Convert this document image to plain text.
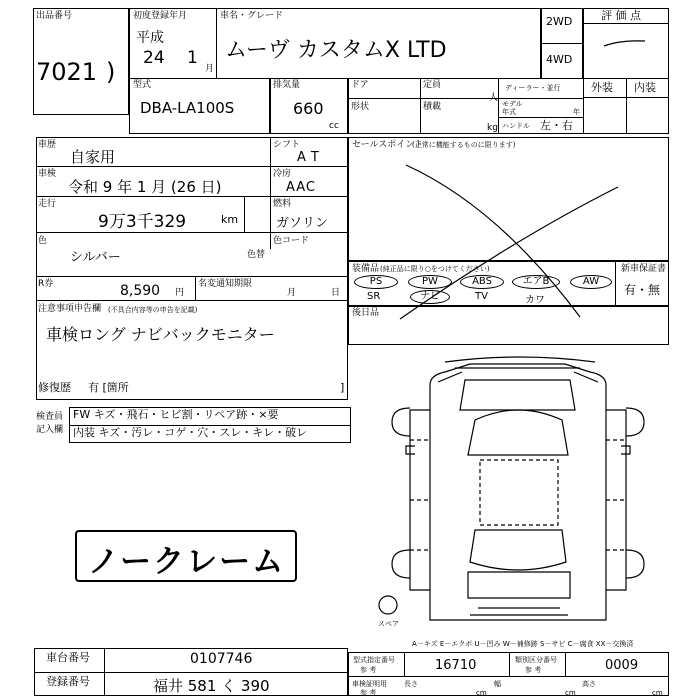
出品番号
7021 )
初度登録年月
平成
24 1
月
車名・グレード
ムーヴ カスタムX LTD
2WD
4WD
評 価 点
型式
DBA-LA100S
排気量
660
cc
ドア	定員
人
ディーラー・並行
形状	積載
kg
モデル
年式	年
ハンドル 左・右
外装 内装
車歴
自家用
車検
令和 9 年 1 月 (26 日)
走行
9万3千329	km
色
シルバー	色替
R券	8,590 円
名変通知期限
月	日
シフト
AT
冷房
AAC
燃料
ガソリン
色コード
注意事項申告欄 (不具合内容等の申告を記載)
車検ロング ナビバックモニター
修復歴 有 [箇所	]
セールスポイント
(正常に機能するものに限ります)
装備品 (純正品に限り○をつけてください)	新車保証書
有・無
PS	PW	ABS	エアB	AW
SR	ナビ	TV	カワ
後日品
検査員
記入欄
FW キズ・飛石・ヒビ割・リペア跡・×要
内装 キズ・汚レ・コゲ・穴・スレ・キレ・破レ
ノークレーム
スペア
A－キズ E－エクボ U－凹み W－補修跡 S－サビ C－腐食 XX－交換済
車台番号	0107746
登録番号	福井 581 く 390
型式指定番号
参 考	16710	類別区分番号
参 考	0009
車検証明用
参 考
長さ
cm
幅
cm
高さ
cm
